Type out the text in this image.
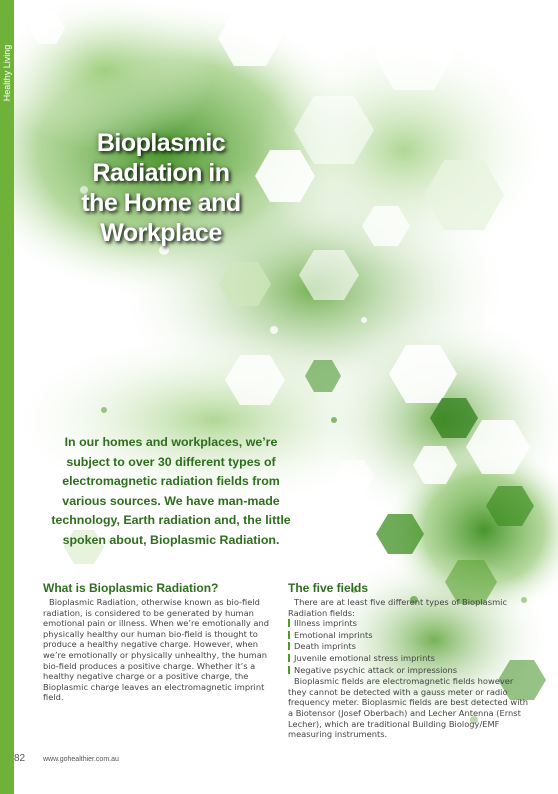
Healthy Living
Bioplasmic
Radiation in
the Home and
Workplace
In our homes and workplaces, we’re subject to over 30 different types of electromagnetic radiation fields from various sources. We have man-made technology, Earth radiation and, the little spoken about, Bioplasmic Radiation.
What is Bioplasmic Radiation?

Bioplasmic Radiation, otherwise known as bio-field radiation, is considered to be generated by human emotional pain or illness. When we’re emotionally and physically healthy our human bio-field is thought to produce a healthy negative charge. However, when we’re emotionally or physically unhealthy, the human bio-field produces a positive charge. Whether it’s a healthy negative charge or a positive charge, the Bioplasmic charge leaves an electromagnetic imprint field.

The five fields

There are at least five different types of Bioplasmic Radiation fields:

Illness imprints
Emotional imprints
Death imprints
Juvenile emotional stress imprints
Negative psychic attack or impressions

Bioplasmic fields are electromagnetic fields however they cannot be detected with a gauss meter or radio frequency meter. Bioplasmic fields are best detected with a Biotensor (Josef Oberbach) and Lecher Antenna (Ernst Lecher), which are traditional Building Biology/EMF measuring instruments.

82	www.gohealthier.com.au
